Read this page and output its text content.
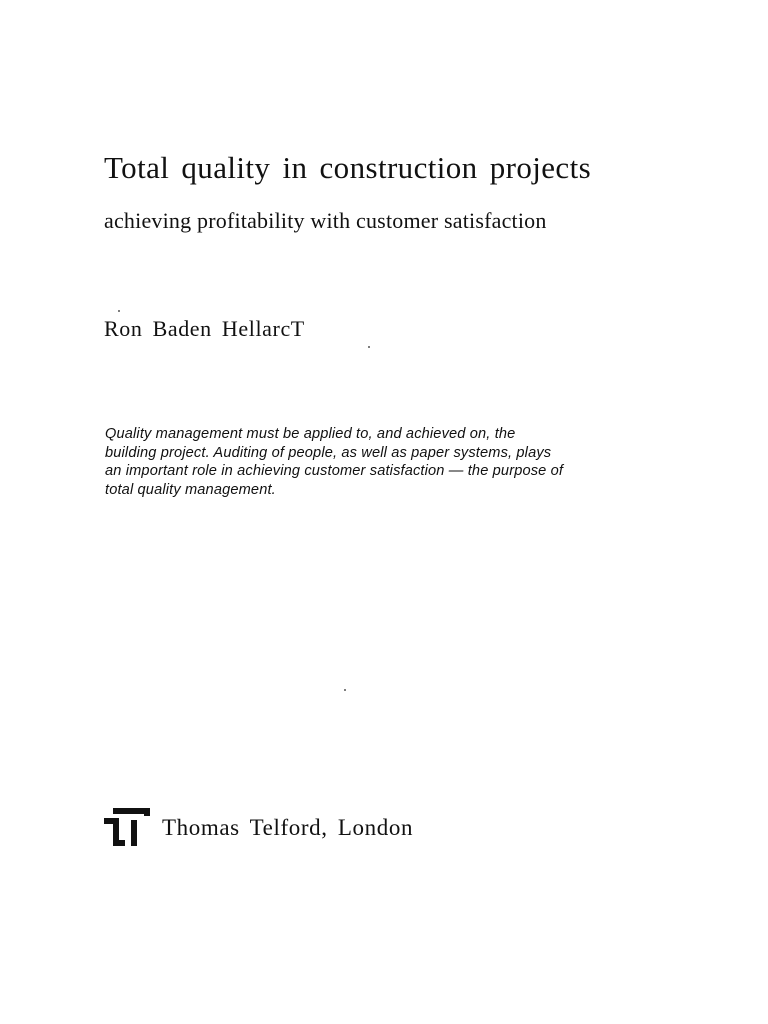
Total quality in construction projects
achieving profitability with customer satisfaction
Ron Baden HellarcT

Quality management must be applied to, and achieved on, the
building project. Auditing of people, as well as paper systems, plays
an important role in achieving customer satisfaction — the purpose of
total quality management.

Thomas Telford, London
